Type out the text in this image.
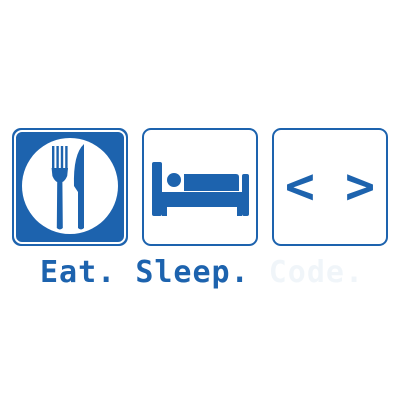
< >

Eat. Sleep. Code.
